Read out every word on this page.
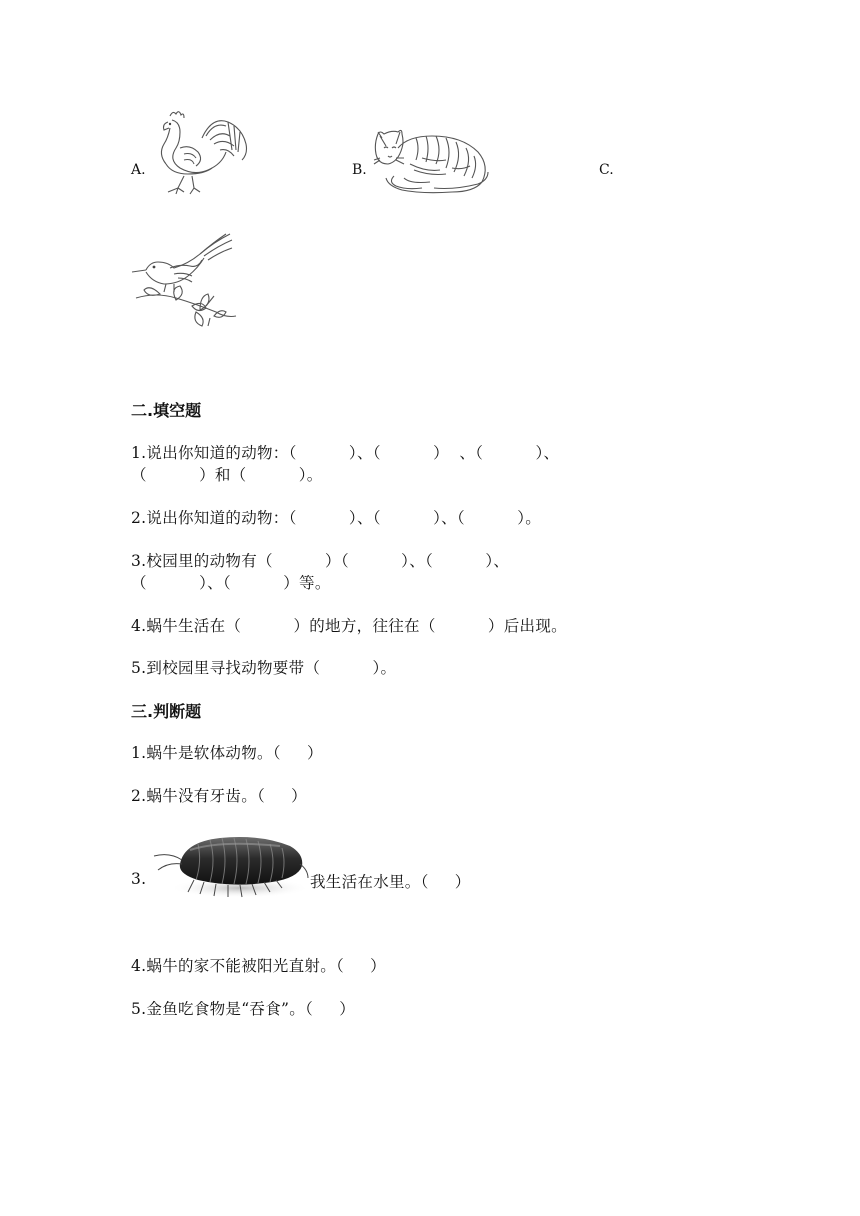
A.	B.	C.
二.填空题
1.说出你知道的动物：（          ）、（          ）  、（          ）、
（          ）和（          ）。
2.说出你知道的动物：（          ）、（          ）、（          ）。
3.校园里的动物有（          ）（          ）、（          ）、
（          ）、（          ）等。
4.蜗牛生活在（          ）的地方，往往在（          ）后出现。
5.到校园里寻找动物要带（          ）。
三.判断题
1.蜗牛是软体动物。（     ）
2.蜗牛没有牙齿。（     ）
3.	我生活在水里。（     ）
4.蜗牛的家不能被阳光直射。（     ）
5.金鱼吃食物是“吞食”。（     ）
